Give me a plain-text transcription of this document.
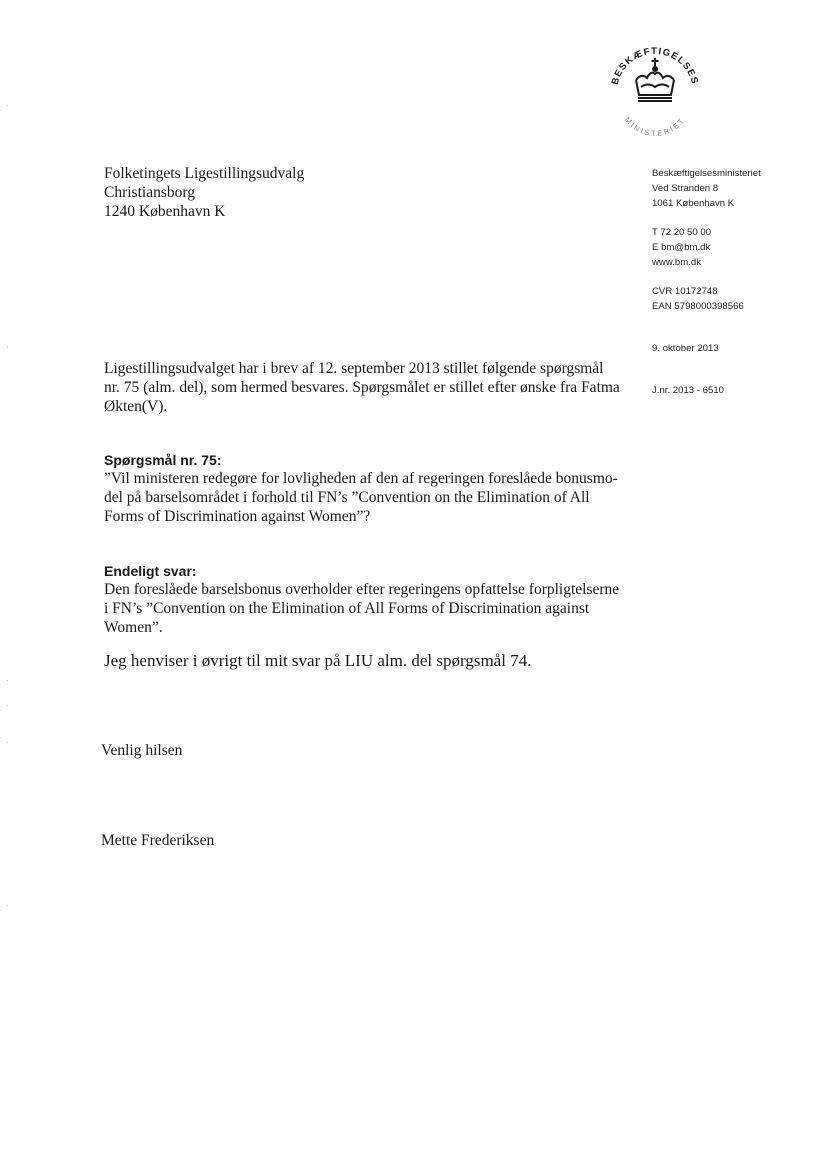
BESKÆFTIGELSES
MINISTERIET
Folketingets Ligestillingsudvalg
Christiansborg
1240 København K
Beskæftigelsesministeriet
Ved Stranden 8
1061 København K
T 72 20 50 00
E bm@bm.dk
www.bm.dk
CVR 10172748
EAN 5798000398566
9. oktober 2013
J.nr. 2013 - 6510
Ligestillingsudvalget har i brev af 12. september 2013 stillet følgende spørgsmål
nr. 75 (alm. del), som hermed besvares. Spørgsmålet er stillet efter ønske fra Fatma
Økten(V).
Spørgsmål nr. 75:
”Vil ministeren redegøre for lovligheden af den af regeringen foreslåede bonusmo-
del på barselsområdet i forhold til FN’s ”Convention on the Elimination of All
Forms of Discrimination against Women”?
Endeligt svar:
Den foreslåede barselsbonus overholder efter regeringens opfattelse forpligtelserne
i FN’s ”Convention on the Elimination of All Forms of Discrimination against
Women”.
Jeg henviser i øvrigt til mit svar på LIU alm. del spørgsmål 74.
Venlig hilsen
Mette Frederiksen
